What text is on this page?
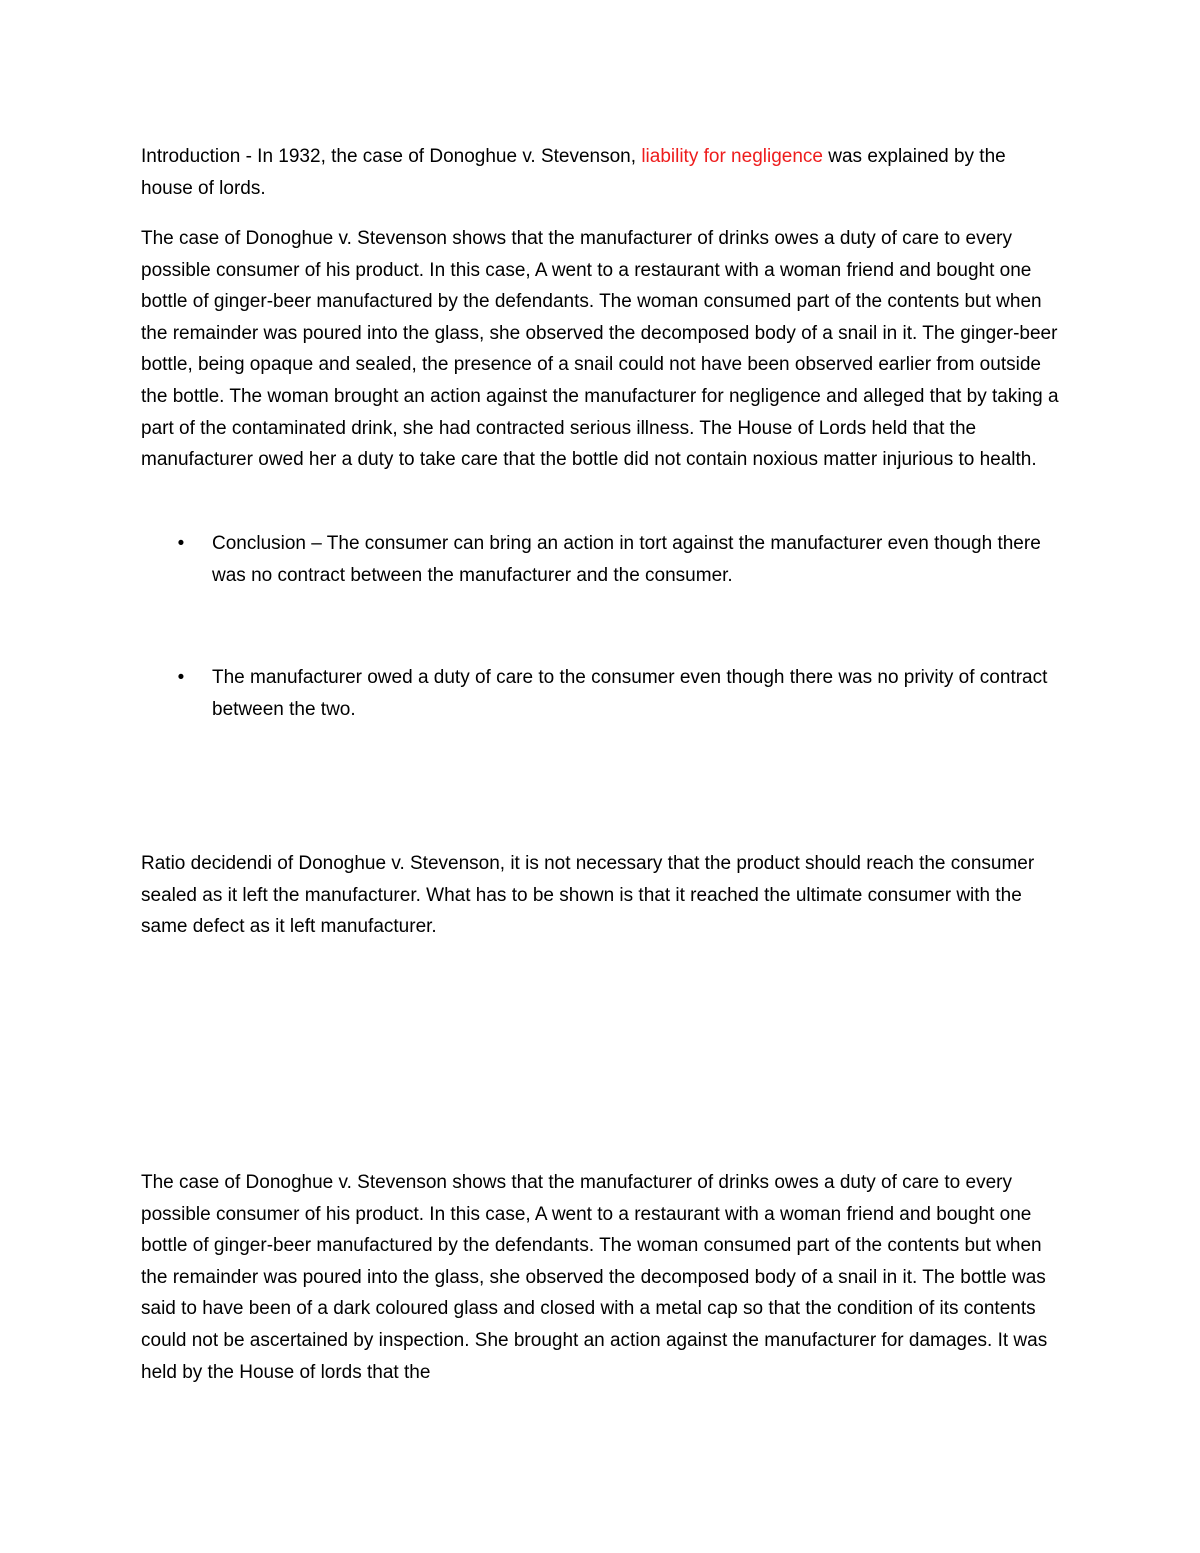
Introduction - In 1932, the case of Donoghue v. Stevenson, liability for negligence was explained by the house of lords.

The case of Donoghue v. Stevenson shows that the manufacturer of drinks owes a duty of care to every possible consumer of his product. In this case, A went to a restaurant with a woman friend and bought one bottle of ginger-beer manufactured by the defendants. The woman consumed part of the contents but when the remainder was poured into the glass, she observed the decomposed body of a snail in it. The ginger-beer bottle, being opaque and sealed, the presence of a snail could not have been observed earlier from outside the bottle. The woman brought an action against the manufacturer for negligence and alleged that by taking a part of the contaminated drink, she had contracted serious illness. The House of Lords held that the manufacturer owed her a duty to take care that the bottle did not contain noxious matter injurious to health.

• Conclusion – The consumer can bring an action in tort against the manufacturer even though there was no contract between the manufacturer and the consumer.
• The manufacturer owed a duty of care to the consumer even though there was no privity of contract between the two.

Ratio decidendi of Donoghue v. Stevenson, it is not necessary that the product should reach the consumer sealed as it left the manufacturer. What has to be shown is that it reached the ultimate consumer with the same defect as it left manufacturer.

The case of Donoghue v. Stevenson shows that the manufacturer of drinks owes a duty of care to every possible consumer of his product. In this case, A went to a restaurant with a woman friend and bought one bottle of ginger-beer manufactured by the defendants. The woman consumed part of the contents but when the remainder was poured into the glass, she observed the decomposed body of a snail in it. The bottle was said to have been of a dark coloured glass and closed with a metal cap so that the condition of its contents could not be ascertained by inspection. She brought an action against the manufacturer for damages. It was held by the House of lords that the
